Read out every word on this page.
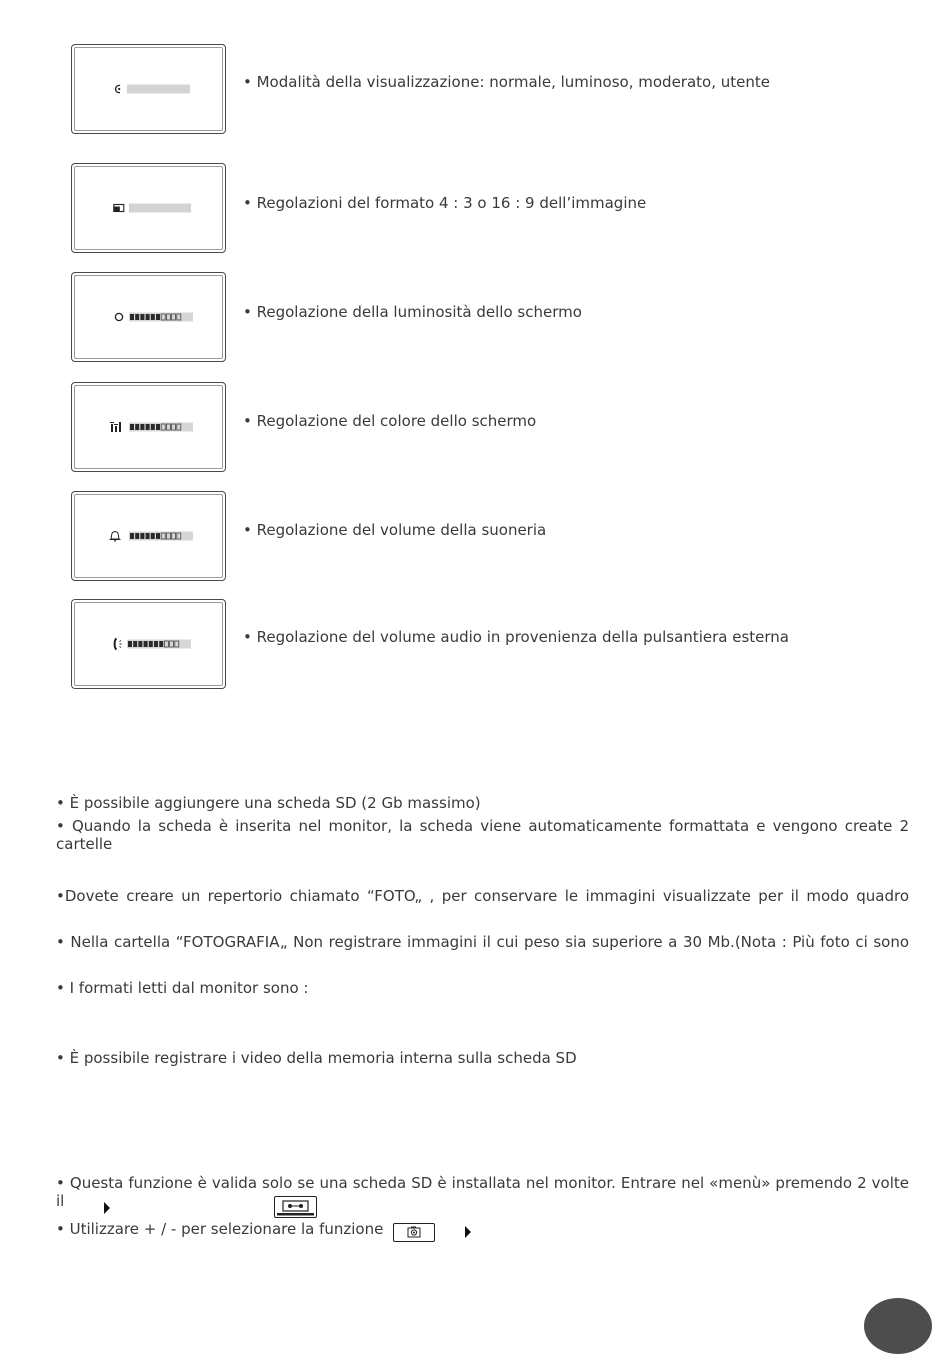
• Modalità della visualizzazione: normale, luminoso, moderato, utente
• Regolazioni del formato 4 : 3 o 16 : 9 dell’immagine
• Regolazione della luminosità dello schermo
• Regolazione del colore dello schermo
• Regolazione del volume della suoneria
• Regolazione del volume audio in provenienza della pulsantiera esterna
• È possibile aggiungere una scheda SD (2 Gb massimo)
• Quando la scheda è inserita nel monitor, la scheda viene automaticamente formattata e vengono create 2 cartelle
•Dovete creare un repertorio chiamato “FOTO„ , per conservare le immagini visualizzate per il modo quadro
• Nella cartella “FOTOGRAFIA„ Non registrare immagini il cui peso sia superiore a 30 Mb.(Nota : Più foto ci sono
• I formati letti dal monitor sono :
• È possibile registrare i video della memoria interna sulla scheda SD
• Questa funzione è valida solo se una scheda SD è installata nel monitor. Entrare nel «menù» premendo 2 volte il
• Utilizzare + / - per selezionare la funzione
